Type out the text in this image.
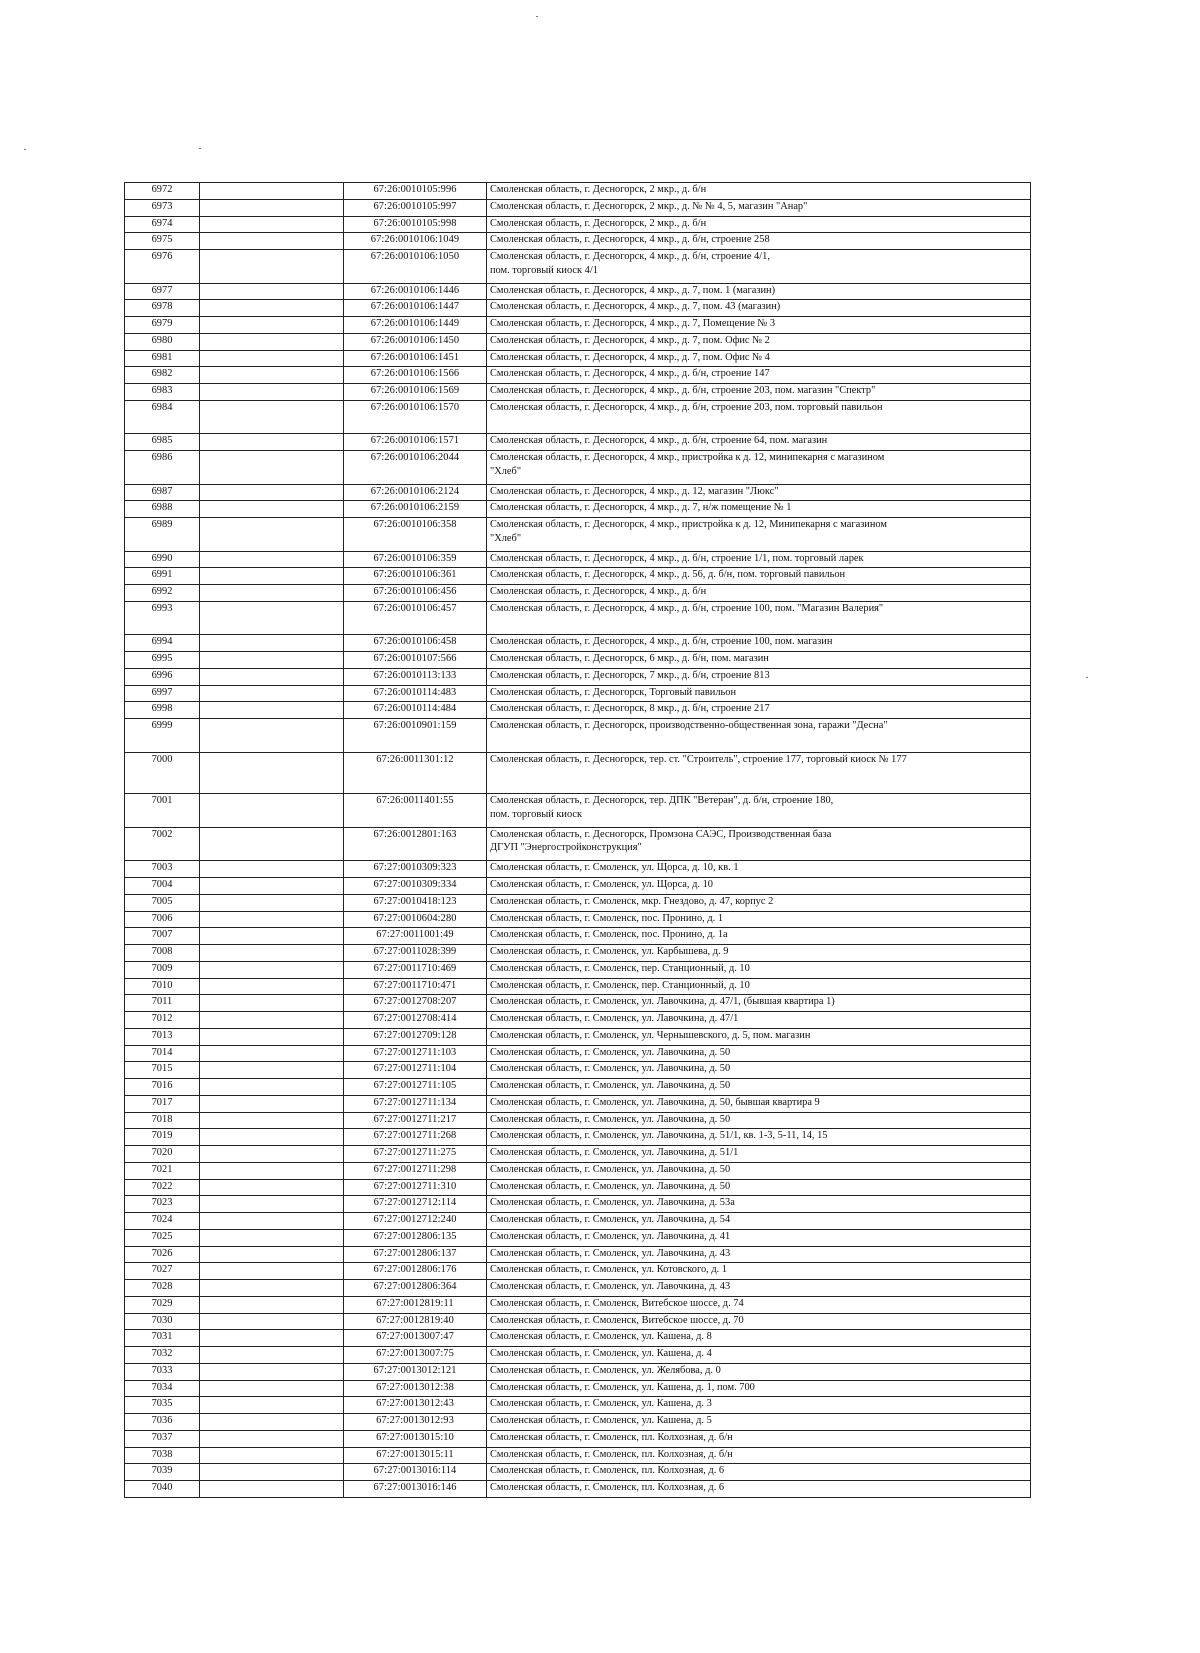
6972		67:26:0010105:996	Смоленская область, г. Десногорск, 2 мкр., д. б/н
6973		67:26:0010105:997	Смоленская область, г. Десногорск, 2 мкр., д. № № 4, 5, магазин "Анар"
6974		67:26:0010105:998	Смоленская область, г. Десногорск, 2 мкр., д. б/н
6975		67:26:0010106:1049	Смоленская область, г. Десногорск, 4 мкр., д. б/н, строение 258
6976		67:26:0010106:1050	Смоленская область, г. Десногорск, 4 мкр., д. б/н, строение 4/1,
пом. торговый киоск 4/1
6977		67:26:0010106:1446	Смоленская область, г. Десногорск, 4 мкр., д. 7, пом. 1 (магазин)
6978		67:26:0010106:1447	Смоленская область, г. Десногорск, 4 мкр., д. 7, пом. 43 (магазин)
6979		67:26:0010106:1449	Смоленская область, г. Десногорск, 4 мкр., д. 7, Помещение № 3
6980		67:26:0010106:1450	Смоленская область, г. Десногорск, 4 мкр., д. 7, пом. Офис № 2
6981		67:26:0010106:1451	Смоленская область, г. Десногорск, 4 мкр., д. 7, пом. Офис № 4
6982		67:26:0010106:1566	Смоленская область, г. Десногорск, 4 мкр., д. б/н, строение 147
6983		67:26:0010106:1569	Смоленская область, г. Десногорск, 4 мкр., д. б/н, строение 203, пом. магазин "Спектр"
6984		67:26:0010106:1570	Смоленская область, г. Десногорск, 4 мкр., д. б/н, строение 203, пом. торговый павильон
6985		67:26:0010106:1571	Смоленская область, г. Десногорск, 4 мкр., д. б/н, строение 64, пом. магазин
6986		67:26:0010106:2044	Смоленская область, г. Десногорск, 4 мкр., пристройка к д. 12, минипекарня с магазином
"Хлеб"
6987		67:26:0010106:2124	Смоленская область, г. Десногорск, 4 мкр., д. 12, магазин "Люкс"
6988		67:26:0010106:2159	Смоленская область, г. Десногорск, 4 мкр., д. 7, н/ж помещение № 1
6989		67:26:0010106:358	Смоленская область, г. Десногорск, 4 мкр., пристройка к д. 12, Минипекарня с магазином
"Хлеб"
6990		67:26:0010106:359	Смоленская область, г. Десногорск, 4 мкр., д. б/н, строение 1/1, пом. торговый ларек
6991		67:26:0010106:361	Смоленская область, г. Десногорск, 4 мкр., д. 56, д. б/н, пом. торговый павильон
6992		67:26:0010106:456	Смоленская область, г. Десногорск, 4 мкр., д. б/н
6993		67:26:0010106:457	Смоленская область, г. Десногорск, 4 мкр., д. б/н, строение 100, пом. "Магазин Валерия"
6994		67:26:0010106:458	Смоленская область, г. Десногорск, 4 мкр., д. б/н, строение 100, пом. магазин
6995		67:26:0010107:566	Смоленская область, г. Десногорск, 6 мкр., д. б/н, пом. магазин
6996		67:26:0010113:133	Смоленская область, г. Десногорск, 7 мкр., д. б/н, строение 813
6997		67:26:0010114:483	Смоленская область, г. Десногорск, Торговый павильон
6998		67:26:0010114:484	Смоленская область, г. Десногорск, 8 мкр., д. б/н, строение 217
6999		67:26:0010901:159	Смоленская область, г. Десногорск, производственно-общественная зона, гаражи "Десна"
7000		67:26:0011301:12	Смоленская область, г. Десногорск, тер. ст. "Строитель", строение 177, торговый киоск № 177
7001		67:26:0011401:55	Смоленская область, г. Десногорск, тер. ДПК "Ветеран", д. б/н, строение 180,
пом. торговый киоск
7002		67:26:0012801:163	Смоленская область, г. Десногорск, Промзона САЭС, Производственная база
ДГУП "Энергостройконструкция"
7003		67:27:0010309:323	Смоленская область, г. Смоленск, ул. Щорса, д. 10, кв. 1
7004		67:27:0010309:334	Смоленская область, г. Смоленск, ул. Щорса, д. 10
7005		67:27:0010418:123	Смоленская область, г. Смоленск, мкр. Гнездово, д. 47, корпус 2
7006		67:27:0010604:280	Смоленская область, г. Смоленск, пос. Пронино, д. 1
7007		67:27:0011001:49	Смоленская область, г. Смоленск, пос. Пронино, д. 1а
7008		67:27:0011028:399	Смоленская область, г. Смоленск, ул. Карбышева, д. 9
7009		67:27:0011710:469	Смоленская область, г. Смоленск, пер. Станционный, д. 10
7010		67:27:0011710:471	Смоленская область, г. Смоленск, пер. Станционный, д. 10
7011		67:27:0012708:207	Смоленская область, г. Смоленск, ул. Лавочкина, д. 47/1, (бывшая квартира 1)
7012		67:27:0012708:414	Смоленская область, г. Смоленск, ул. Лавочкина, д. 47/1
7013		67:27:0012709:128	Смоленская область, г. Смоленск, ул. Чернышевского, д. 5, пом. магазин
7014		67:27:0012711:103	Смоленская область, г. Смоленск, ул. Лавочкина, д. 50
7015		67:27:0012711:104	Смоленская область, г. Смоленск, ул. Лавочкина, д. 50
7016		67:27:0012711:105	Смоленская область, г. Смоленск, ул. Лавочкина, д. 50
7017		67:27:0012711:134	Смоленская область, г. Смоленск, ул. Лавочкина, д. 50, бывшая квартира 9
7018		67:27:0012711:217	Смоленская область, г. Смоленск, ул. Лавочкина, д. 50
7019		67:27:0012711:268	Смоленская область, г. Смоленск, ул. Лавочкина, д. 51/1, кв. 1-3, 5-11, 14, 15
7020		67:27:0012711:275	Смоленская область, г. Смоленск, ул. Лавочкина, д. 51/1
7021		67:27:0012711:298	Смоленская область, г. Смоленск, ул. Лавочкина, д. 50
7022		67:27:0012711:310	Смоленская область, г. Смоленск, ул. Лавочкина, д. 50
7023		67:27:0012712:114	Смоленская область, г. Смоленск, ул. Лавочкина, д. 53а
7024		67:27:0012712:240	Смоленская область, г. Смоленск, ул. Лавочкина, д. 54
7025		67:27:0012806:135	Смоленская область, г. Смоленск, ул. Лавочкина, д. 41
7026		67:27:0012806:137	Смоленская область, г. Смоленск, ул. Лавочкина, д. 43
7027		67:27:0012806:176	Смоленская область, г. Смоленск, ул. Котовского, д. 1
7028		67:27:0012806:364	Смоленская область, г. Смоленск, ул. Лавочкина, д. 43
7029		67:27:0012819:11	Смоленская область, г. Смоленск, Витебское шоссе, д. 74
7030		67:27:0012819:40	Смоленская область, г. Смоленск, Витебское шоссе, д. 70
7031		67:27:0013007:47	Смоленская область, г. Смоленск, ул. Кашена, д. 8
7032		67:27:0013007:75	Смоленская область, г. Смоленск, ул. Кашена, д. 4
7033		67:27:0013012:121	Смоленская область, г. Смоленск, ул. Желябова, д. 0
7034		67:27:0013012:38	Смоленская область, г. Смоленск, ул. Кашена, д. 1, пом. 700
7035		67:27:0013012:43	Смоленская область, г. Смоленск, ул. Кашена, д. 3
7036		67:27:0013012:93	Смоленская область, г. Смоленск, ул. Кашена, д. 5
7037		67:27:0013015:10	Смоленская область, г. Смоленск, пл. Колхозная, д. б/н
7038		67:27:0013015:11	Смоленская область, г. Смоленск, пл. Колхозная, д. б/н
7039		67:27:0013016:114	Смоленская область, г. Смоленск, пл. Колхозная, д. 6
7040		67:27:0013016:146	Смоленская область, г. Смоленск, пл. Колхозная, д. 6
